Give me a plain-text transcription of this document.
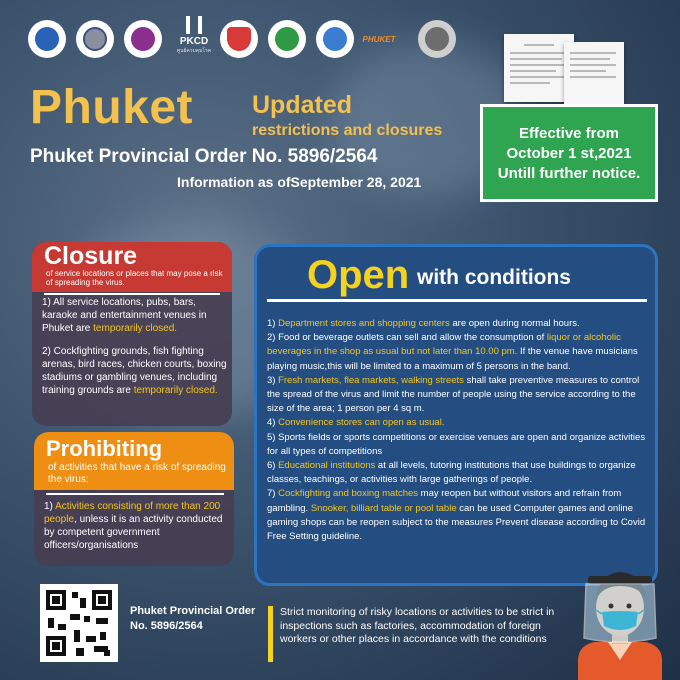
PKCD
ศูนย์ควบคุมโรค
PHUKET
Phuket Updated
restrictions and closures
Phuket Provincial Order No. 5896/2564
Information as ofSeptember 28, 2021
Effective from
October 1 st,2021
Untill further notice.
Closure
of service locations or places that may pose a risk of spreading the virus.

1) All service locations, pubs, bars, karaoke and entertainment venues in Phuket are temporarily closed.

2) Cockfighting grounds, fish fighting arenas, bird races, chicken courts, boxing stadiums or gambling venues, including training grounds are temporarily closed.

Prohibiting
of activities that have a risk of spreading the virus:
1) Activities consisting of more than 200 people, unless it is an activity conducted by competent government officers/organisations
Open with conditions

1) Department stores and shopping centers are open during normal hours.

2) Food or beverage outlets can sell and allow the consumption of liquor or alcoholic beverages in the shop as usual but not later than 10.00 pm. If the venue have musicians playing music,this will be limited to a maximum of 5 persons in the band.

3) Fresh markets, flea markets, walking streets shall take preventive measures to control the spread of the virus and limit the number of people using the service according to the size of the area; 1 person per 4 sq m.

4) Convenience stores can open as usual.

5) Sports fields or sports competitions or exercise venues are open and organize activities for all types of competitions

6) Educational institutions at all levels, tutoring institutions that use buildings to organize classes, teachings, or activities with large gatherings of people.

7) Cockfighting and boxing matches may reopen but without visitors and refrain from gambling. Snooker, billiard table or pool table can be used Computer games and online gaming shops can be reopen subject to the measures Prevent disease according to Covid Free Setting guideline.

Phuket Provincial Order No. 5896/2564
Strict monitoring of risky locations or activities to be strict in inspections such as factories, accommodation of foreign workers or other places in accordance with the conditions
